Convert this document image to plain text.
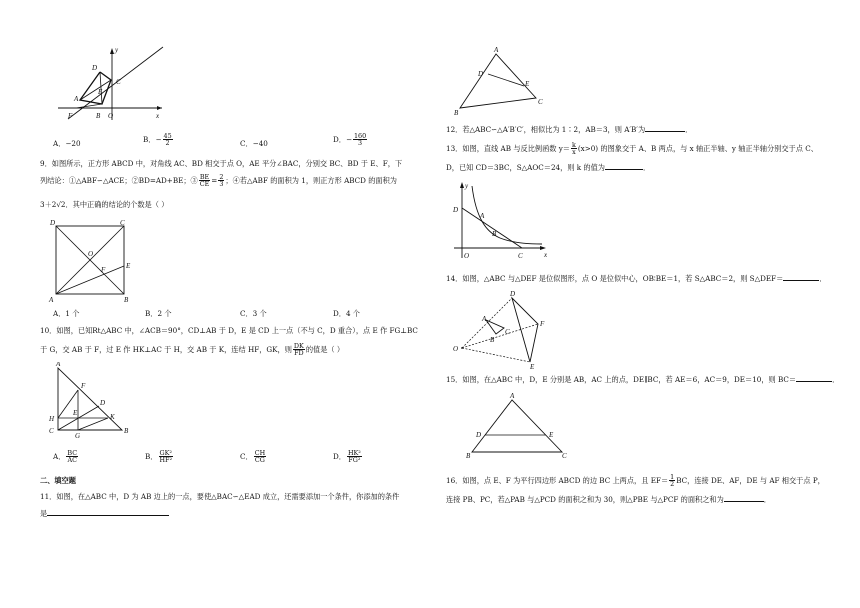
y
x
D
C
E
A
F	B O
A．−20	B．− $\frac{45}{2}$	C．−40	D．− $\frac{160}{3}$
9．如图所示，正方形 ABCD 中，对角线 AC、BD 相交于点 O，AE 平分∠BAC，分别交 BC、BD 于 E、F，下
列结论：①△ABF∽△ACE；②BD=AD+BE；③ $\frac{BE}{CE} = \frac{2}{3}$ ；④若△ABF 的面积为 1，则正方形 ABCD 的面积为
3＋2√2．其中正确的结论的个数是（ ）
D	C
O
F	E
A	B
A．1 个	B．2 个	C．3 个	D．4 个
10．如图，已知Rt△ABC 中，∠ACB＝90°，CD⊥AB 于 D，E 是 CD 上一点（不与 C，D 重合），点 E 作 FG⊥BC
于 G，交 AB 于 F，过 E 作 HK⊥AC 于 H，交 AB 于 K，连结 HF，GK，则 $\frac{DK}{FD}$ 的值是（ ）
A
F
D
H
E	K
C
G
B
A． $\frac{BC}{AC}$	B． $\frac{\text{GK²}}{\text{HF²}}$	C． $\frac{CH}{CG}$	D． $\frac{\text{HK²}}{\text{FG²}}$
二、填空题
11．如图，在△ABC 中，D 为 AB 边上的一点，要使△BAC∽△EAD 成立，还需要添加一个条件，你添加的条件
是
A
D
E
B
C
12．若△ABC∽△A′B′C′，相似比为 1∶2，AB＝3，则 A′B′为	．
13．如图，直线 AB 与反比例函数 $y= \frac{k}{x} (x>0)$ 的图象交于 A、B 两点，与 x 轴正半轴、y 轴正半轴分别交于点 C、
D，已知 CD＝3BC，S△AOC＝24，则 k 的值为	．
y
D
A
B
O	C	x
14．如图，△ABC 与△DEF 是位似图形，点 O 是位似中心，OB∶BE＝1，若 S△ABC＝2，则 S△DEF＝	．
D
A
F
O
B
C
E
15．如图，在△ABC 中，D，E 分别是 AB，AC 上的点，DE∥BC，若 AE＝6，AC＝9，DE＝10，则 BC＝	．
A
D	E
B	C
16．如图，点 E、F 为平行四边形 ABCD 的边 BC 上两点，且 $EF= \frac{1}{2}$ BC，连接 DE、AF，DE 与 AF 相交于点 P，
连接 PB、PC，若△PAB 与△PCD 的面积之和为 30，则△PBE 与△PCF 的面积之和为	．
